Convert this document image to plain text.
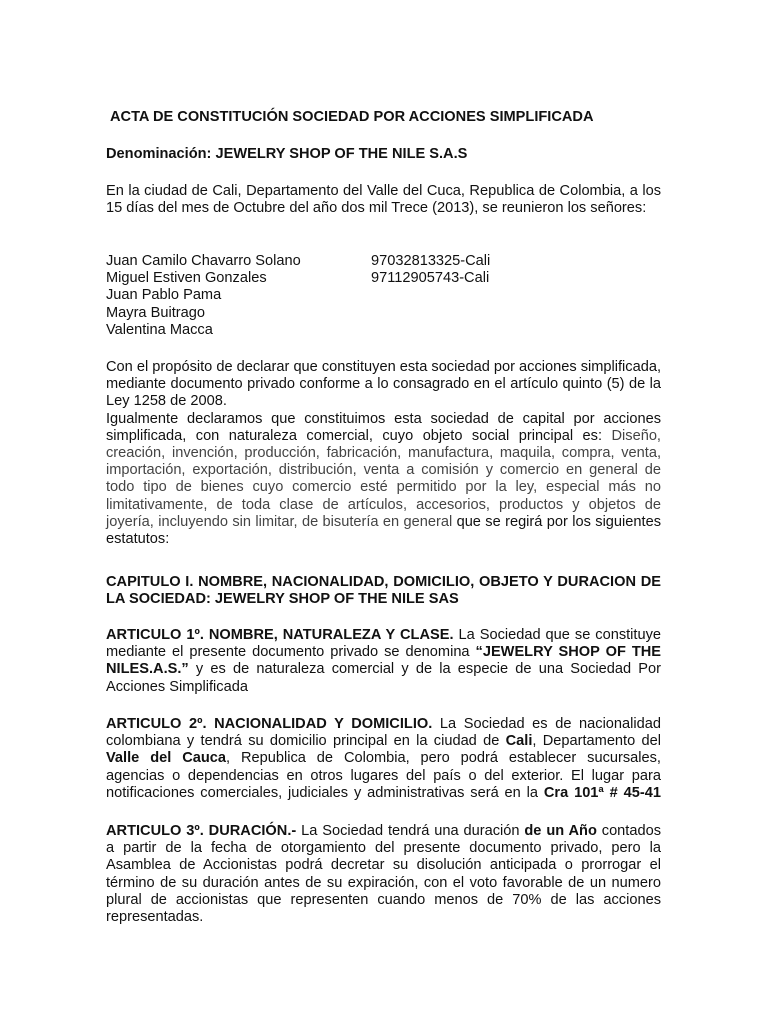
ACTA DE CONSTITUCIÓN SOCIEDAD POR ACCIONES SIMPLIFICADA

Denominación: JEWELRY SHOP OF THE NILE S.A.S

En la ciudad de Cali, Departamento del Valle del Cuca, Republica de Colombia, a los 15 días del mes de Octubre del año dos mil Trece (2013), se reunieron los señores:

Juan Camilo Chavarro Solano	97032813325-Cali
Miguel Estiven Gonzales	97112905743-Cali
Juan Pablo Pama
Mayra Buitrago
Valentina Macca

Con el propósito de declarar que constituyen esta sociedad por acciones simplificada, mediante documento privado conforme a lo consagrado en el artículo quinto (5) de la Ley 1258 de 2008.

Igualmente declaramos que constituimos esta sociedad de capital por acciones simplificada, con naturaleza comercial, cuyo objeto social principal es: Diseño, creación, invención, producción, fabricación, manufactura, maquila, compra, venta, importación, exportación, distribución, venta a comisión y comercio en general de todo tipo de bienes cuyo comercio esté permitido por la ley, especial más no limitativamente, de toda clase de artículos, accesorios, productos y objetos de joyería, incluyendo sin limitar, de bisutería en general que se regirá por los siguientes estatutos:

CAPITULO I. NOMBRE, NACIONALIDAD, DOMICILIO, OBJETO Y DURACION DE LA SOCIEDAD: JEWELRY SHOP OF THE NILE SAS

ARTICULO 1º. NOMBRE, NATURALEZA Y CLASE. La Sociedad que se constituye mediante el presente documento privado se denomina “JEWELRY SHOP OF THE NILES.A.S.” y es de naturaleza comercial y de la especie de una Sociedad Por Acciones Simplificada

ARTICULO 2º. NACIONALIDAD Y DOMICILIO. La Sociedad es de nacionalidad colombiana y tendrá su domicilio principal en la ciudad de Cali, Departamento del Valle del Cauca, Republica de Colombia, pero podrá establecer sucursales, agencias o dependencias en otros lugares del país o del exterior. El lugar para notificaciones comerciales, judiciales y administrativas será en la Cra 101ª # 45-41

ARTICULO 3º. DURACIÓN.- La Sociedad tendrá una duración de un Año contados a partir de la fecha de otorgamiento del presente documento privado, pero la Asamblea de Accionistas podrá decretar su disolución anticipada o prorrogar el término de su duración antes de su expiración, con el voto favorable de un numero plural de accionistas que representen cuando menos de 70% de las acciones representadas.
